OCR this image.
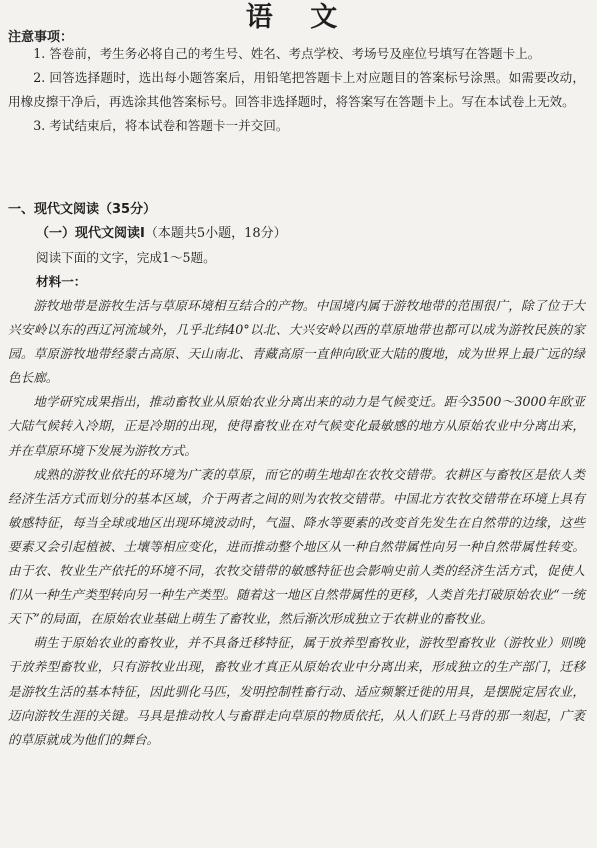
语 文
注意事项：

1. 答卷前，考生务必将自己的考生号、姓名、考点学校、考场号及座位号填写在答题卡上。

2. 回答选择题时，选出每小题答案后，用铅笔把答题卡上对应题目的答案标号涂黑。如需要改动，用橡皮擦干净后，再选涂其他答案标号。回答非选择题时，将答案写在答题卡上。写在本试卷上无效。

3. 考试结束后，将本试卷和答题卡一并交回。

一、现代文阅读（35分）

（一）现代文阅读Ⅰ（本题共5小题，18分）

阅读下面的文字，完成1～5题。

材料一：

游牧地带是游牧生活与草原环境相互结合的产物。中国境内属于游牧地带的范围很广，除了位于大兴安岭以东的西辽河流域外，几乎北纬40°以北、大兴安岭以西的草原地带也都可以成为游牧民族的家园。草原游牧地带经蒙古高原、天山南北、青藏高原一直伸向欧亚大陆的腹地，成为世界上最广远的绿色长廊。

地学研究成果指出，推动畜牧业从原始农业分离出来的动力是气候变迁。距今3500～3000年欧亚大陆气候转入冷期，正是冷期的出现，使得畜牧业在对气候变化最敏感的地方从原始农业中分离出来，并在草原环境下发展为游牧方式。

成熟的游牧业依托的环境为广袤的草原，而它的萌生地却在农牧交错带。农耕区与畜牧区是依人类经济生活方式而划分的基本区域，介于两者之间的则为农牧交错带。中国北方农牧交错带在环境上具有敏感特征，每当全球或地区出现环境波动时，气温、降水等要素的改变首先发生在自然带的边缘，这些要素又会引起植被、土壤等相应变化，进而推动整个地区从一种自然带属性向另一种自然带属性转变。由于农、牧业生产依托的环境不同，农牧交错带的敏感特征也会影响史前人类的经济生活方式，促使人们从一种生产类型转向另一种生产类型。随着这一地区自然带属性的更移，人类首先打破原始农业“一统天下”的局面，在原始农业基础上萌生了畜牧业，然后渐次形成独立于农耕业的畜牧业。

萌生于原始农业的畜牧业，并不具备迁移特征，属于放养型畜牧业，游牧型畜牧业（游牧业）则晚于放养型畜牧业，只有游牧业出现，畜牧业才真正从原始农业中分离出来，形成独立的生产部门，迁移是游牧生活的基本特征，因此驯化马匹，发明控制牲畜行动、适应频繁迁徙的用具，是摆脱定居农业，迈向游牧生涯的关键。马具是推动牧人与畜群走向草原的物质依托，从人们跃上马背的那一刻起，广袤的草原就成为他们的舞台。
